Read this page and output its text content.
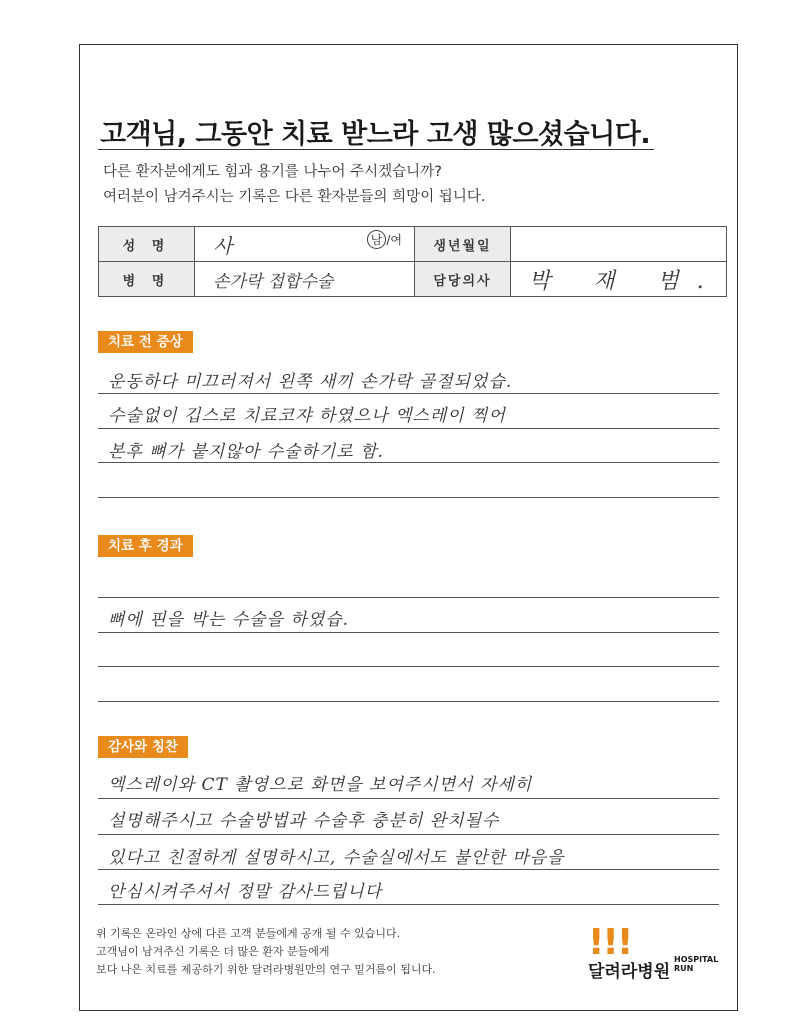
고객님, 그동안 치료 받느라 고생 많으셨습니다.
다른 환자분에게도 힘과 용기를 나누어 주시겠습니까?
여러분이 남겨주시는 기록은 다른 환자분들의 희망이 됩니다.
성 명	사 남 /여	생년월일	
병 명	손가락 접합수술	담당의사	박 재 범.
치료 전 증상
운동하다 미끄러져서 왼쪽 새끼 손가락 골절되었습.
수술없이 깁스로 치료코쟈 하였으나 엑스레이 찍어
본후 뼈가 붙지않아 수술하기로 함.
치료 후 경과
뼈에 핀을 박는 수술을 하였습.
감사와 칭찬
엑스레이와 CT 촬영으로 화면을 보여주시면서 자세히
설명해주시고 수술방법과 수술후 충분히 완치될수
있다고 친절하게 설명하시고, 수술실에서도 불안한 마음을
안심시켜주셔서 정말 감사드립니다
위 기록은 온라인 상에 다른 고객 분들에게 공개 될 수 있습니다.
고객님이 남겨주신 기록은 더 많은 환자 분들에게
보다 나은 치료를 제공하기 위한 달려라병원만의 연구 밑거름이 됩니다.
!!!
달려라병원
HOSPITAL
RUN
